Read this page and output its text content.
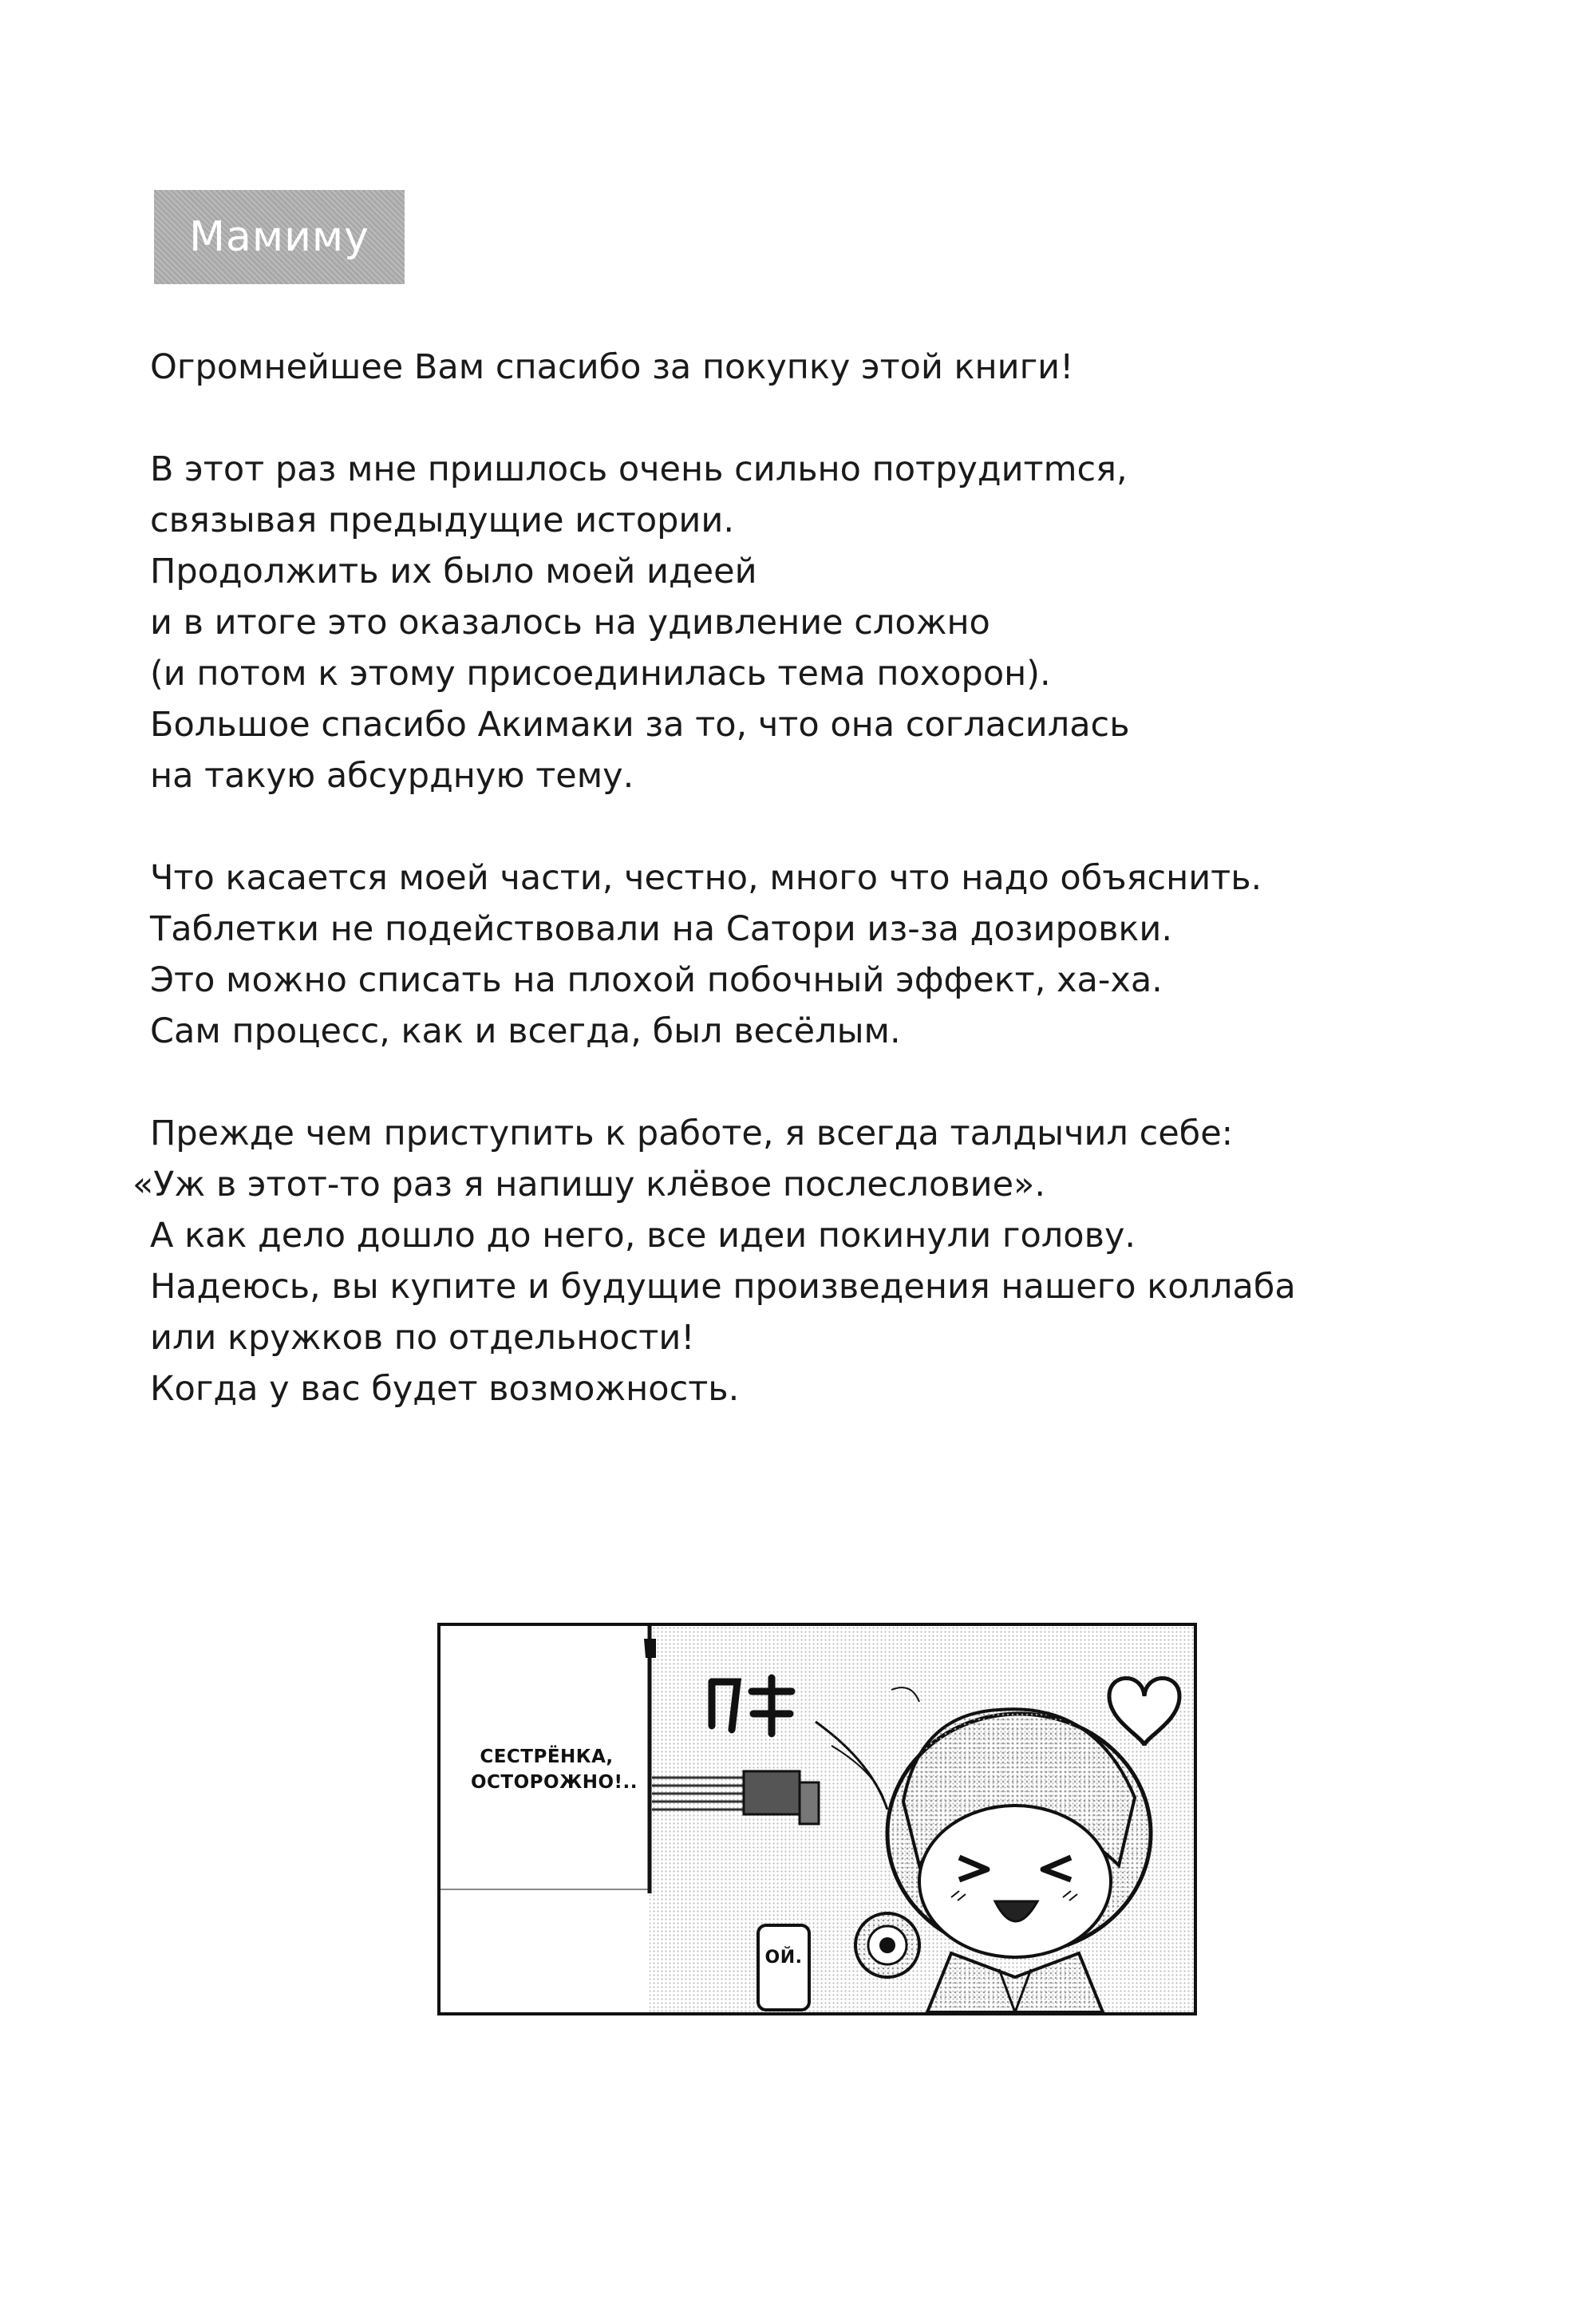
Мамиму

Огромнейшее Вам спасибо за покупку этой книги!

В этот раз мне пришлось очень сильно потрудитmся,
связывая предыдущие истории.
Продолжить их было моей идеей
и в итоге это оказалось на удивление сложно
(и потом к этому присоединилась тема похорон).
Большое спасибо Акимаки за то, что она согласилась
на такую абсурдную тему.

Что касается моей части, честно, много что надо объяснить.
Таблетки не подействовали на Сатори из-за дозировки.
Это можно списать на плохой побочный эффект, ха-ха.
Сам процесс, как и всегда, был весёлым.

Прежде чем приступить к работе, я всегда талдычил себе:
«Уж в этот-то раз я напишу клёвое послесловие».
А как дело дошло до него, все идеи покинули голову.
Надеюсь, вы купите и будущие произведения нашего коллаба
или кружков по отдельности!
Когда у вас будет возможность.

СЕСТРЁНКА,
ОСТОРОЖНО!..
ОЙ.
